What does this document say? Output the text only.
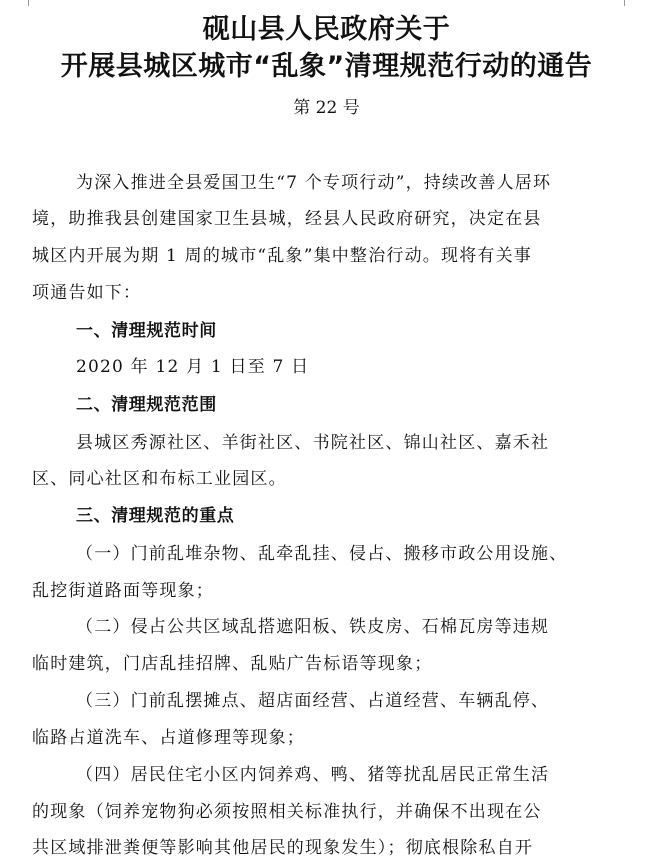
砚山县人民政府关于
开展县城区城市“乱象”清理规范行动的通告
第 22 号
为深入推进全县爱国卫生“7 个专项行动”，持续改善人居环
境，助推我县创建国家卫生县城，经县人民政府研究，决定在县
城区内开展为期 1 周的城市“乱象”集中整治行动。现将有关事
项通告如下：
一、清理规范时间
2020 年 12 月 1 日至 7 日
二、清理规范范围
县城区秀源社区、羊街社区、书院社区、锦山社区、嘉禾社
区、同心社区和布标工业园区。
三、清理规范的重点
（一）门前乱堆杂物、乱牵乱挂、侵占、搬移市政公用设施、
乱挖街道路面等现象；
（二）侵占公共区域乱搭遮阳板、铁皮房、石棉瓦房等违规
临时建筑，门店乱挂招牌、乱贴广告标语等现象；
（三）门前乱摆摊点、超店面经营、占道经营、车辆乱停、
临路占道洗车、占道修理等现象；
（四）居民住宅小区内饲养鸡、鸭、猪等扰乱居民正常生活
的现象（饲养宠物狗必须按照相关标准执行，并确保不出现在公
共区域排泄粪便等影响其他居民的现象发生）；彻底根除私自开
